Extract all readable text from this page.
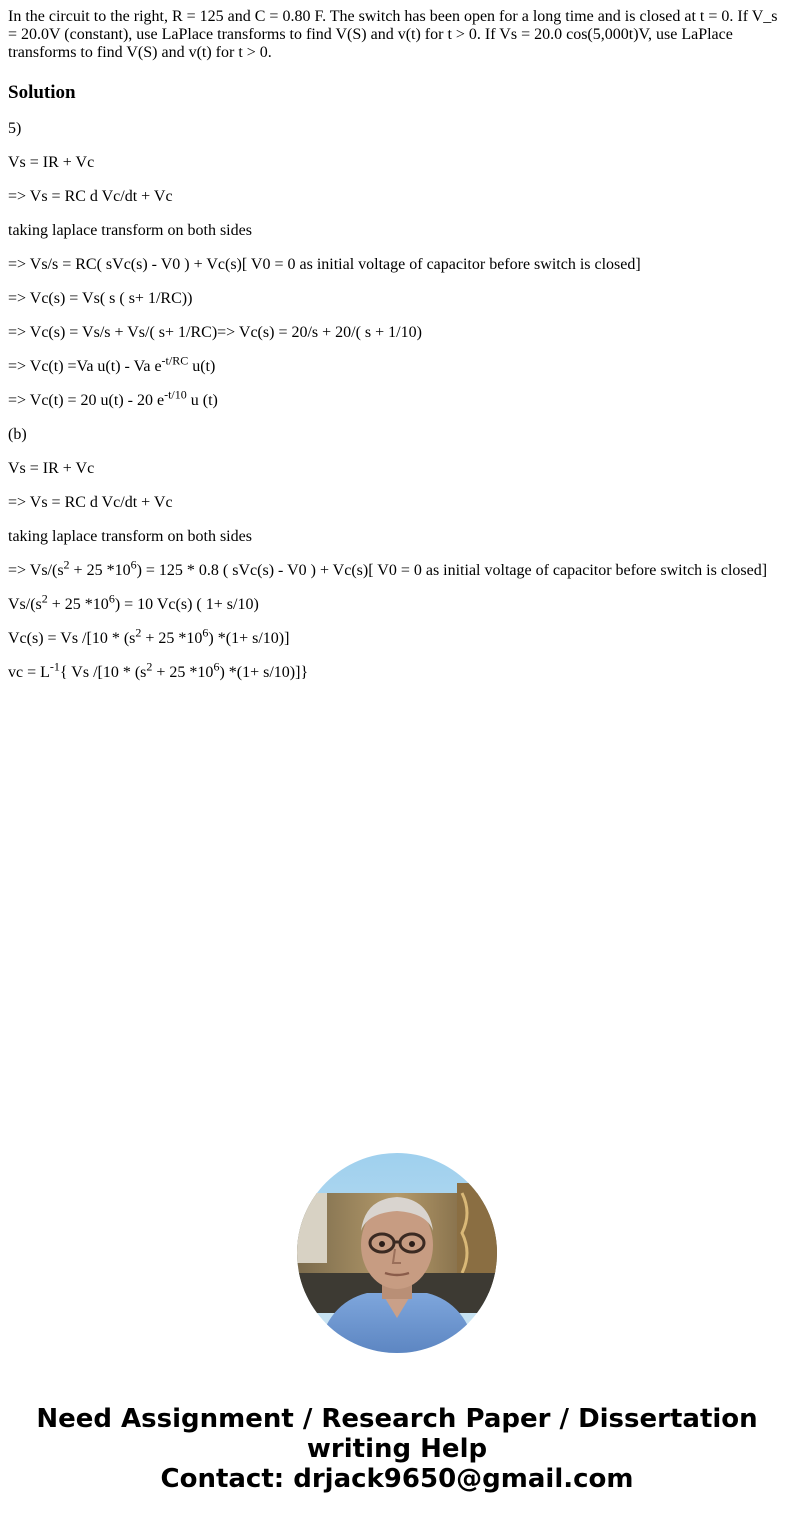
In the circuit to the right, R = 125 and C = 0.80 F. The switch has been open for a long time and is closed at t = 0. If V_s = 20.0V (constant), use LaPlace transforms to find V(S) and v(t) for t > 0. If Vs = 20.0 cos(5,000t)V, use LaPlace transforms to find V(S) and v(t) for t > 0.

Solution

5)

Vs = IR + Vc

=> Vs = RC d Vc/dt + Vc

taking laplace transform on both sides

=> Vs/s = RC( sVc(s) - V0 ) + Vc(s)[ V0 = 0 as initial voltage of capacitor before switch is closed]

=> Vc(s) = Vs( s ( s+ 1/RC))

=> Vc(s) = Vs/s + Vs/( s+ 1/RC)=> Vc(s) = 20/s + 20/( s + 1/10)

=> Vc(t) =Va u(t) - Va $e^{-t/RC}$ u(t)

=> Vc(t) = 20 u(t) - 20 $e^{-t/10}$ u (t)

(b)

Vs = IR + Vc

=> Vs = RC d Vc/dt + Vc

taking laplace transform on both sides

=> $Vs/(s^2 + 25$ $*10^6) = 125 * 0.8$ ( sVc(s) - V0 ) + Vc(s)[ V0 = 0 as initial voltage of capacitor before switch is closed]

$Vs/(s^2 + 25$ $*10^6) = 10$ Vc(s) ( 1+ s/10)

Vc(s) = Vs $/[10 * (s^2 + 25$ $*10^6$) *(1+ s/10)]

vc = $L^{-1}${ Vs $/[10 * (s^2 + 25$ $*10^6$) *(1+ s/10)]}

Need Assignment / Research Paper / Dissertation
writing Help
Contact: drjack9650@gmail.com
